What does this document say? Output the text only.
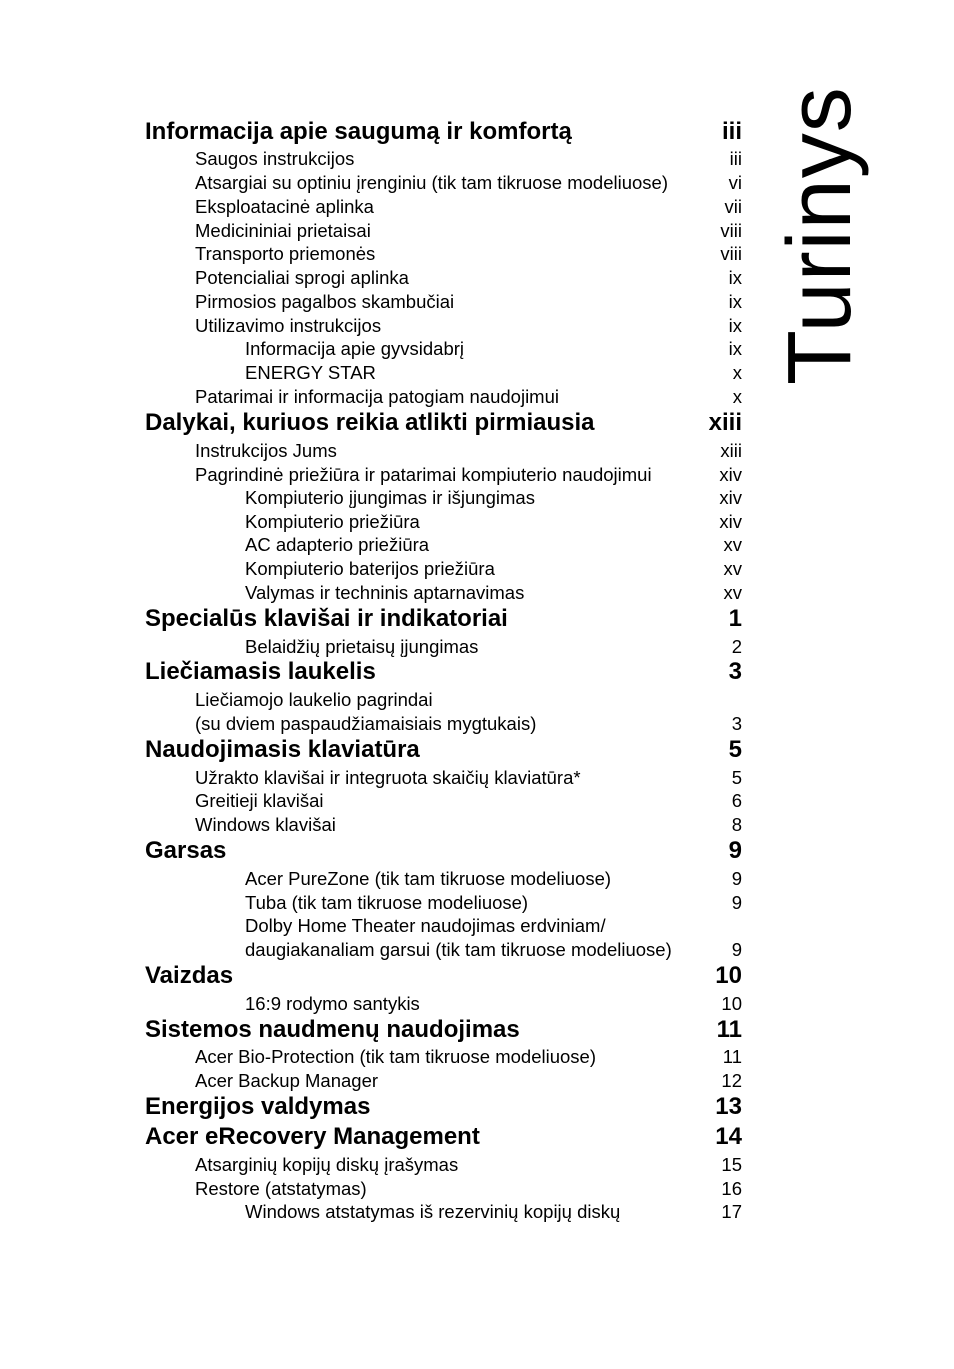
Turinys
Informacija apie saugumą ir komfortą	iii
Saugos instrukcijos	iii
Atsargiai su optiniu įrenginiu (tik tam tikruose modeliuose)	vi
Eksploatacinė aplinka	vii
Medicininiai prietaisai	viii
Transporto priemonės	viii
Potencialiai sprogi aplinka	ix
Pirmosios pagalbos skambučiai	ix
Utilizavimo instrukcijos	ix
Informacija apie gyvsidabrį	ix
ENERGY STAR	x
Patarimai ir informacija patogiam naudojimui	x
Dalykai, kuriuos reikia atlikti pirmiausia	xiii
Instrukcijos Jums	xiii
Pagrindinė priežiūra ir patarimai kompiuterio naudojimui	xiv
Kompiuterio įjungimas ir išjungimas	xiv
Kompiuterio priežiūra	xiv
AC adapterio priežiūra	xv
Kompiuterio baterijos priežiūra	xv
Valymas ir techninis aptarnavimas	xv
Specialūs klavišai ir indikatoriai	1
Belaidžių prietaisų įjungimas	2
Liečiamasis laukelis	3
Liečiamojo laukelio pagrindai
(su dviem paspaudžiamaisiais mygtukais)	3
Naudojimasis klaviatūra	5
Užrakto klavišai ir integruota skaičių klaviatūra*	5
Greitieji klavišai	6
Windows klavišai	8
Garsas	9
Acer PureZone (tik tam tikruose modeliuose)	9
Tuba (tik tam tikruose modeliuose)	9
Dolby Home Theater naudojimas erdviniam/
daugiakanaliam garsui (tik tam tikruose modeliuose)	9
Vaizdas	10
16:9 rodymo santykis	10
Sistemos naudmenų naudojimas	11
Acer Bio-Protection (tik tam tikruose modeliuose)	11
Acer Backup Manager	12
Energijos valdymas	13
Acer eRecovery Management	14
Atsarginių kopijų diskų įrašymas	15
Restore (atstatymas)	16
Windows atstatymas iš rezervinių kopijų diskų	17
